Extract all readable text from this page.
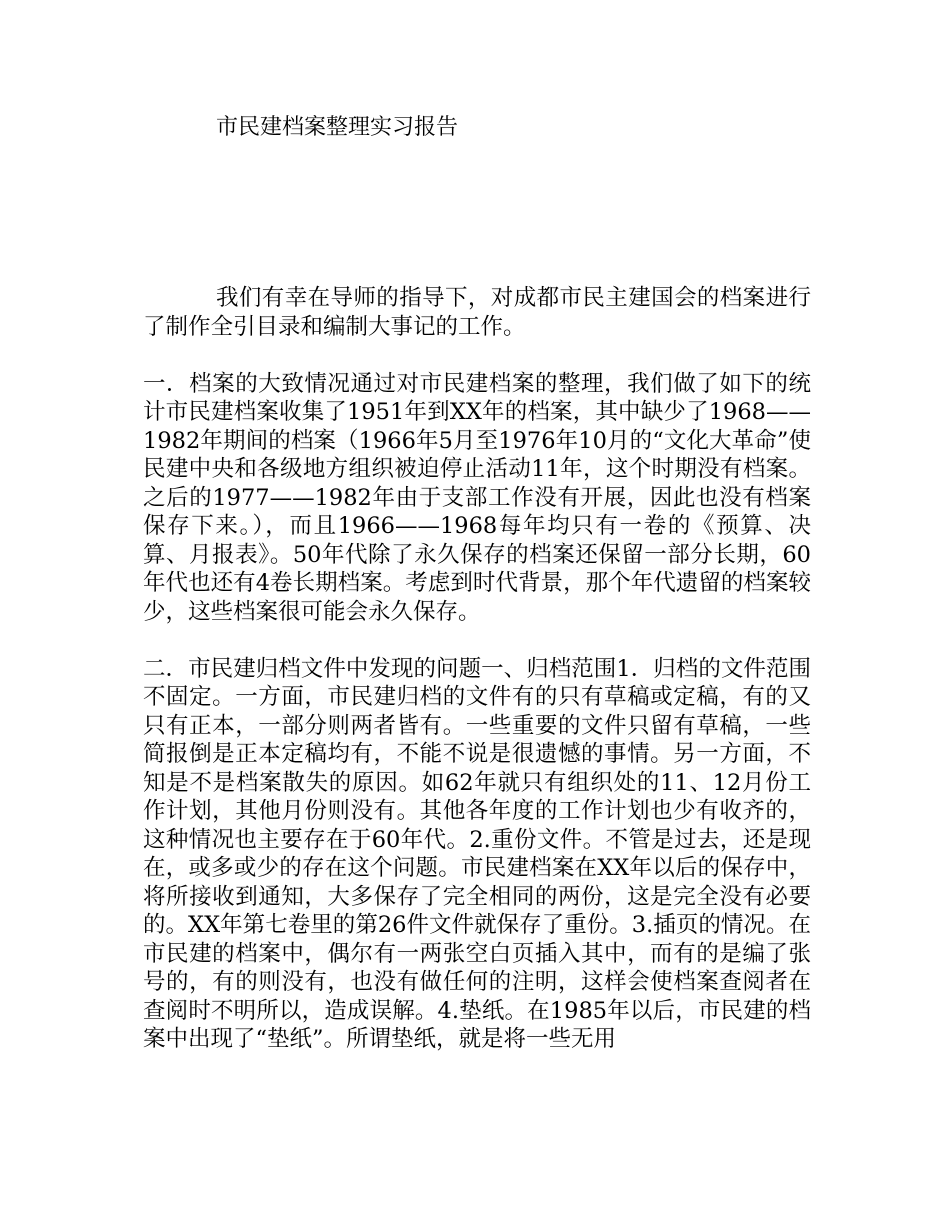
市民建档案整理实习报告

我们有幸在导师的指导下，对成都市民主建国会的档案进行了制作全引目录和编制大事记的工作。

一．档案的大致情况通过对市民建档案的整理，我们做了如下的统计市民建档案收集了1951年到XX年的档案，其中缺少了1968——1982年期间的档案（1966年5月至1976年10月的“文化大革命”使民建中央和各级地方组织被迫停止活动11年，这个时期没有档案。之后的1977——1982年由于支部工作没有开展，因此也没有档案保存下来。），而且1966——1968每年均只有一卷的《预算、决算、月报表》。50年代除了永久保存的档案还保留一部分长期，60年代也还有4卷长期档案。考虑到时代背景，那个年代遗留的档案较少，这些档案很可能会永久保存。

二．市民建归档文件中发现的问题一、归档范围1．归档的文件范围不固定。一方面，市民建归档的文件有的只有草稿或定稿，有的又只有正本，一部分则两者皆有。一些重要的文件只留有草稿，一些简报倒是正本定稿均有，不能不说是很遗憾的事情。另一方面，不知是不是档案散失的原因。如62年就只有组织处的11、12月份工作计划，其他月份则没有。其他各年度的工作计划也少有收齐的，这种情况也主要存在于60年代。2.重份文件。不管是过去，还是现在，或多或少的存在这个问题。市民建档案在XX年以后的保存中，将所接收到通知，大多保存了完全相同的两份，这是完全没有必要的。XX年第七卷里的第26件文件就保存了重份。3.插页的情况。在市民建的档案中，偶尔有一两张空白页插入其中，而有的是编了张号的，有的则没有，也没有做任何的注明，这样会使档案查阅者在查阅时不明所以，造成误解。4.垫纸。在1985年以后，市民建的档案中出现了“垫纸”。所谓垫纸，就是将一些无用
